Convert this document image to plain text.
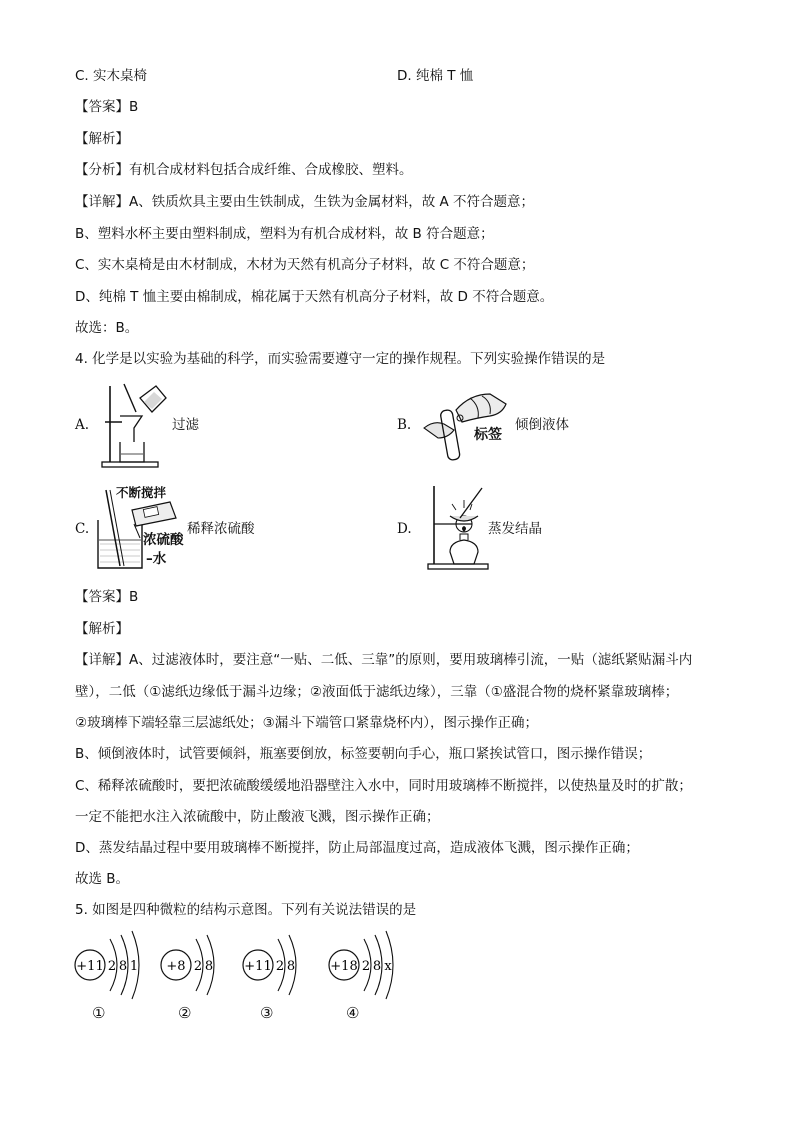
C. 实木桌椅	D. 纯棉 T 恤
【答案】B
【解析】
【分析】有机合成材料包括合成纤维、合成橡胶、塑料。
【详解】A、铁质炊具主要由生铁制成，生铁为金属材料，故 A 不符合题意；
B、塑料水杯主要由塑料制成，塑料为有机合成材料，故 B 符合题意；
C、实木桌椅是由木材制成，木材为天然有机高分子材料，故 C 不符合题意；
D、纯棉 T 恤主要由棉制成，棉花属于天然有机高分子材料，故 D 不符合题意。
故选：B。
4. 化学是以实验为基础的科学，而实验需要遵守一定的操作规程。下列实验操作错误的是
A.	过滤	B.
标签
倾倒液体
C.
不断搅拌
浓硫酸
–水
稀释浓硫酸	D.	蒸发结晶
【答案】B
【解析】
【详解】A、过滤液体时，要注意“一贴、二低、三靠”的原则，要用玻璃棒引流，一贴（滤纸紧贴漏斗内
壁），二低（①滤纸边缘低于漏斗边缘；②液面低于滤纸边缘），三靠（①盛混合物的烧杯紧靠玻璃棒；
②玻璃棒下端轻靠三层滤纸处；③漏斗下端管口紧靠烧杯内），图示操作正确；
B、倾倒液体时，试管要倾斜，瓶塞要倒放，标签要朝向手心，瓶口紧挨试管口，图示操作错误；
C、稀释浓硫酸时，要把浓硫酸缓缓地沿器壁注入水中，同时用玻璃棒不断搅拌，以使热量及时的扩散；
一定不能把水注入浓硫酸中，防止酸液飞溅，图示操作正确；
D、蒸发结晶过程中要用玻璃棒不断搅拌，防止局部温度过高，造成液体飞溅，图示操作正确；
故选 B。
5. 如图是四种微粒的结构示意图。下列有关说法错误的是
+11 2 8 1
①
+8 2 8
②
+11 2 8
③
+18 2 8 x
④
